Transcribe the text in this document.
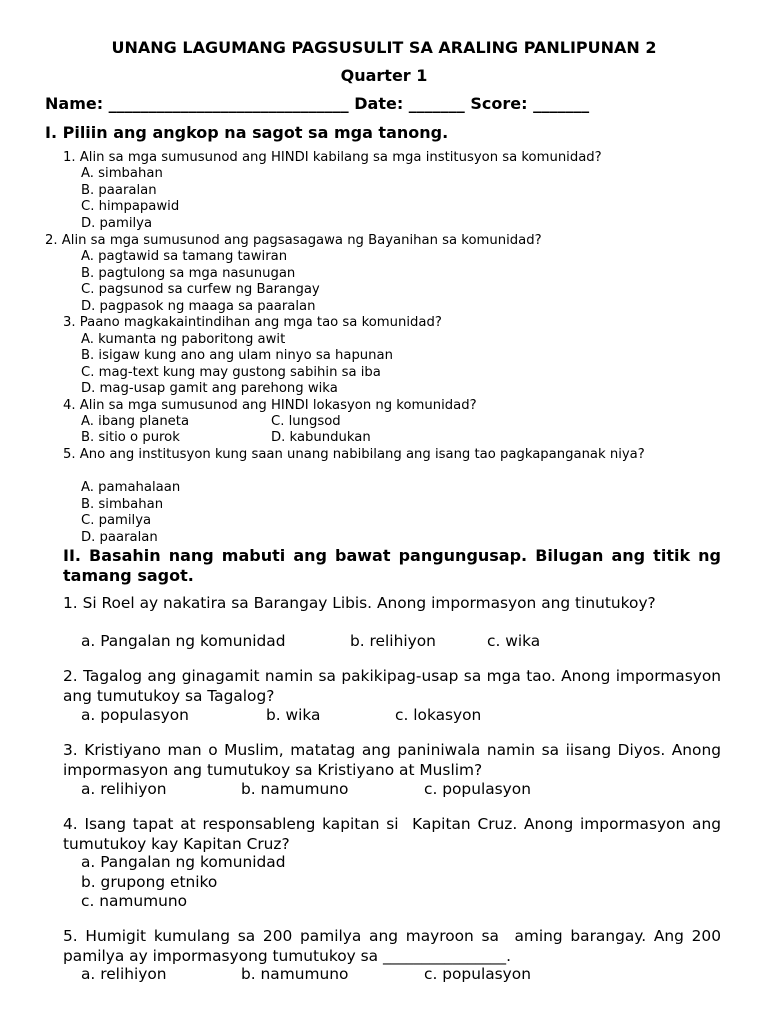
UNANG LAGUMANG PAGSUSULIT SA ARALING PANLIPUNAN 2
Quarter 1
Name: ______________________________ Date: _______ Score: _______
I. Piliin ang angkop na sagot sa mga tanong.
1. Alin sa mga sumusunod ang HINDI kabilang sa mga institusyon sa komunidad?
A. simbahan
B. paaralan
C. himpapawid
D. pamilya
2. Alin sa mga sumusunod ang pagsasagawa ng Bayanihan sa komunidad?
A. pagtawid sa tamang tawiran
B. pagtulong sa mga nasunugan
C. pagsunod sa curfew ng Barangay
D. pagpasok ng maaga sa paaralan
3. Paano magkakaintindihan ang mga tao sa komunidad?
A. kumanta ng paboritong awit
B. isigaw kung ano ang ulam ninyo sa hapunan
C. mag-text kung may gustong sabihin sa iba
D. mag-usap gamit ang parehong wika
4. Alin sa mga sumusunod ang HINDI lokasyon ng komunidad?
A. ibang planeta	C. lungsod
B. sitio o purok	D. kabundukan
5. Ano ang institusyon kung saan unang nabibilang ang isang tao pagkapanganak niya?
A. pamahalaan
B. simbahan
C. pamilya
D. paaralan
II. Basahin nang mabuti ang bawat pangungusap. Bilugan ang titik ng tamang sagot.
1. Si Roel ay nakatira sa Barangay Libis. Anong impormasyon ang tinutukoy?
a. Pangalan ng komunidad	b. relihiyon	c. wika
2. Tagalog ang ginagamit namin sa pakikipag-usap sa mga tao. Anong impormasyon ang tumutukoy sa Tagalog?
a. populasyon	b. wika	c. lokasyon
3. Kristiyano man o Muslim, matatag ang paniniwala namin sa iisang Diyos. Anong impormasyon ang tumutukoy sa Kristiyano at Muslim?
a. relihiyon	b. namumuno	c. populasyon
4. Isang tapat at responsableng kapitan si  Kapitan Cruz. Anong impormasyon ang tumutukoy kay Kapitan Cruz?
a. Pangalan ng komunidad
b. grupong etniko
c. namumuno
5. Humigit kumulang sa 200 pamilya ang mayroon sa  aming barangay. Ang 200 pamilya ay impormasyong tumutukoy sa ________________.
a. relihiyon	b. namumuno	c. populasyon
